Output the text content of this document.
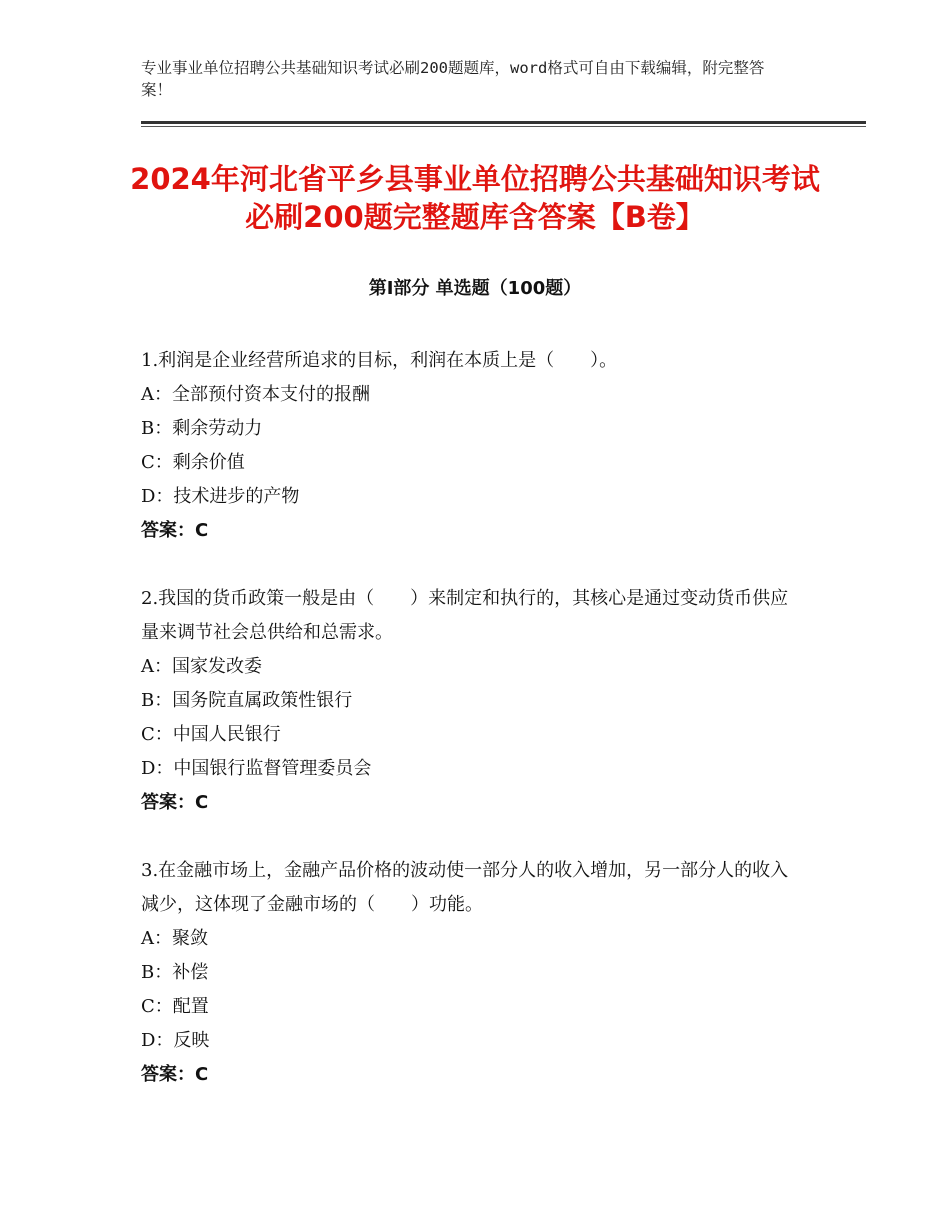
专业事业单位招聘公共基础知识考试必刷200题题库，word格式可自由下载编辑，附完整答案！
2024年河北省平乡县事业单位招聘公共基础知识考试必刷200题完整题库含答案【B卷】
第Ⅰ部分 单选题（100题）

1.利润是企业经营所追求的目标，利润在本质上是（　　）。

A：全部预付资本支付的报酬

B：剩余劳动力

C：剩余价值

D：技术进步的产物

答案：C

2.我国的货币政策一般是由（　　）来制定和执行的，其核心是通过变动货币供应量来调节社会总供给和总需求。

A：国家发改委

B：国务院直属政策性银行

C：中国人民银行

D：中国银行监督管理委员会

答案：C

3.在金融市场上，金融产品价格的波动使一部分人的收入增加，另一部分人的收入减少，这体现了金融市场的（　　）功能。

A：聚敛

B：补偿

C：配置

D：反映

答案：C
